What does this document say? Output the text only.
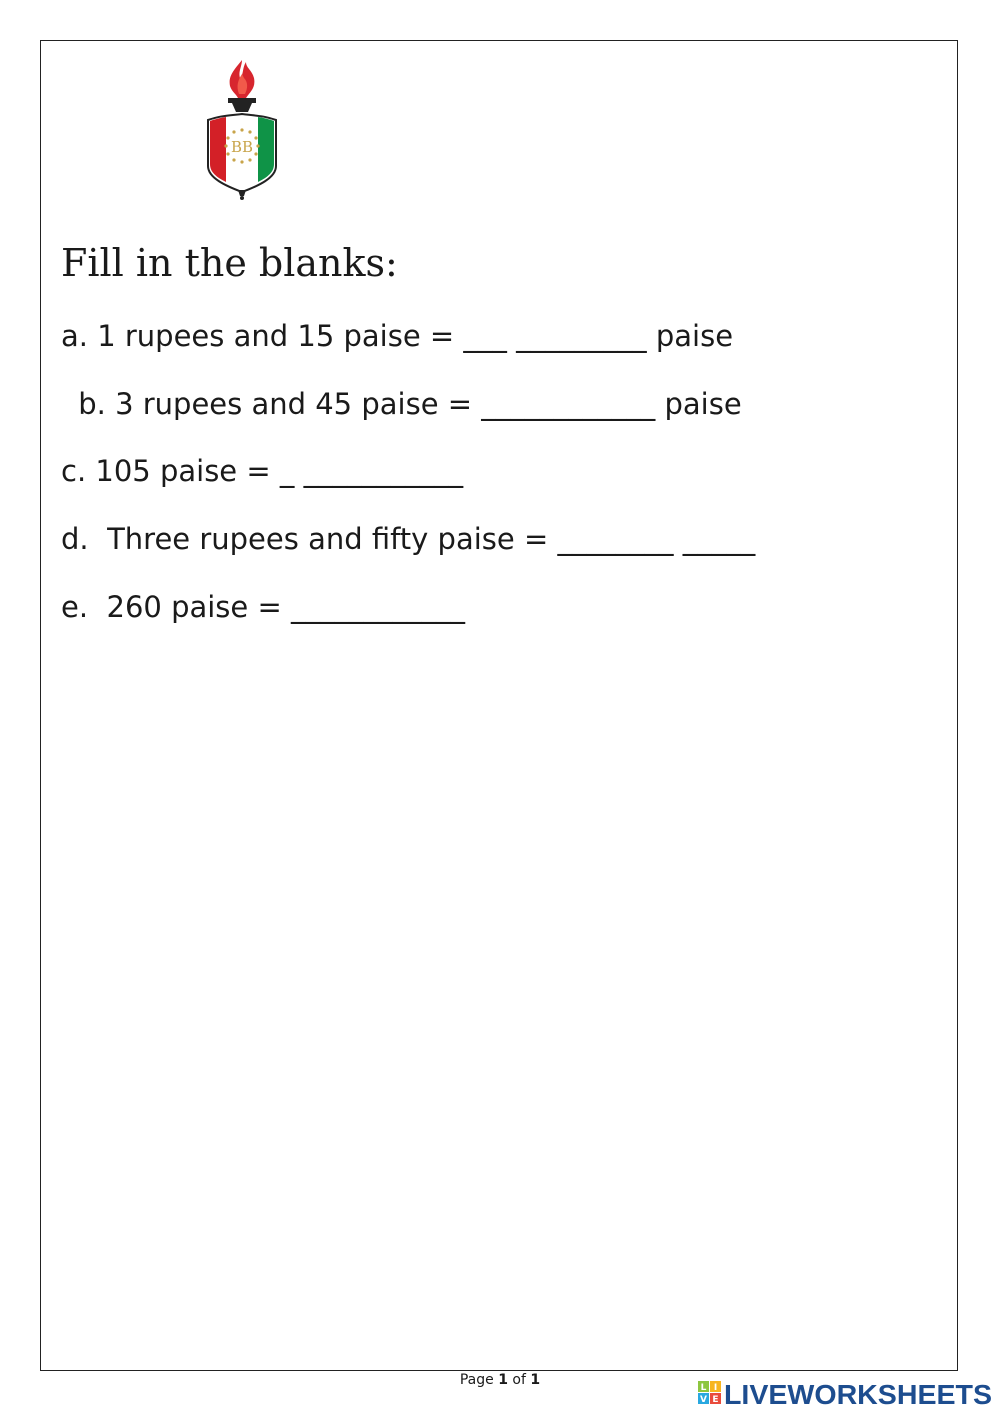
BB
Fill in the blanks:
a. 1 rupees and 15 paise = ___ _________ paise
b. 3 rupees and 45 paise = ____________ paise
c. 105 paise = _ ___________
d.  Three rupees and fifty paise = ________ _____
e.  260 paise = ____________
Page 1 of 1	L I
V E LIVEWORKSHEETS
